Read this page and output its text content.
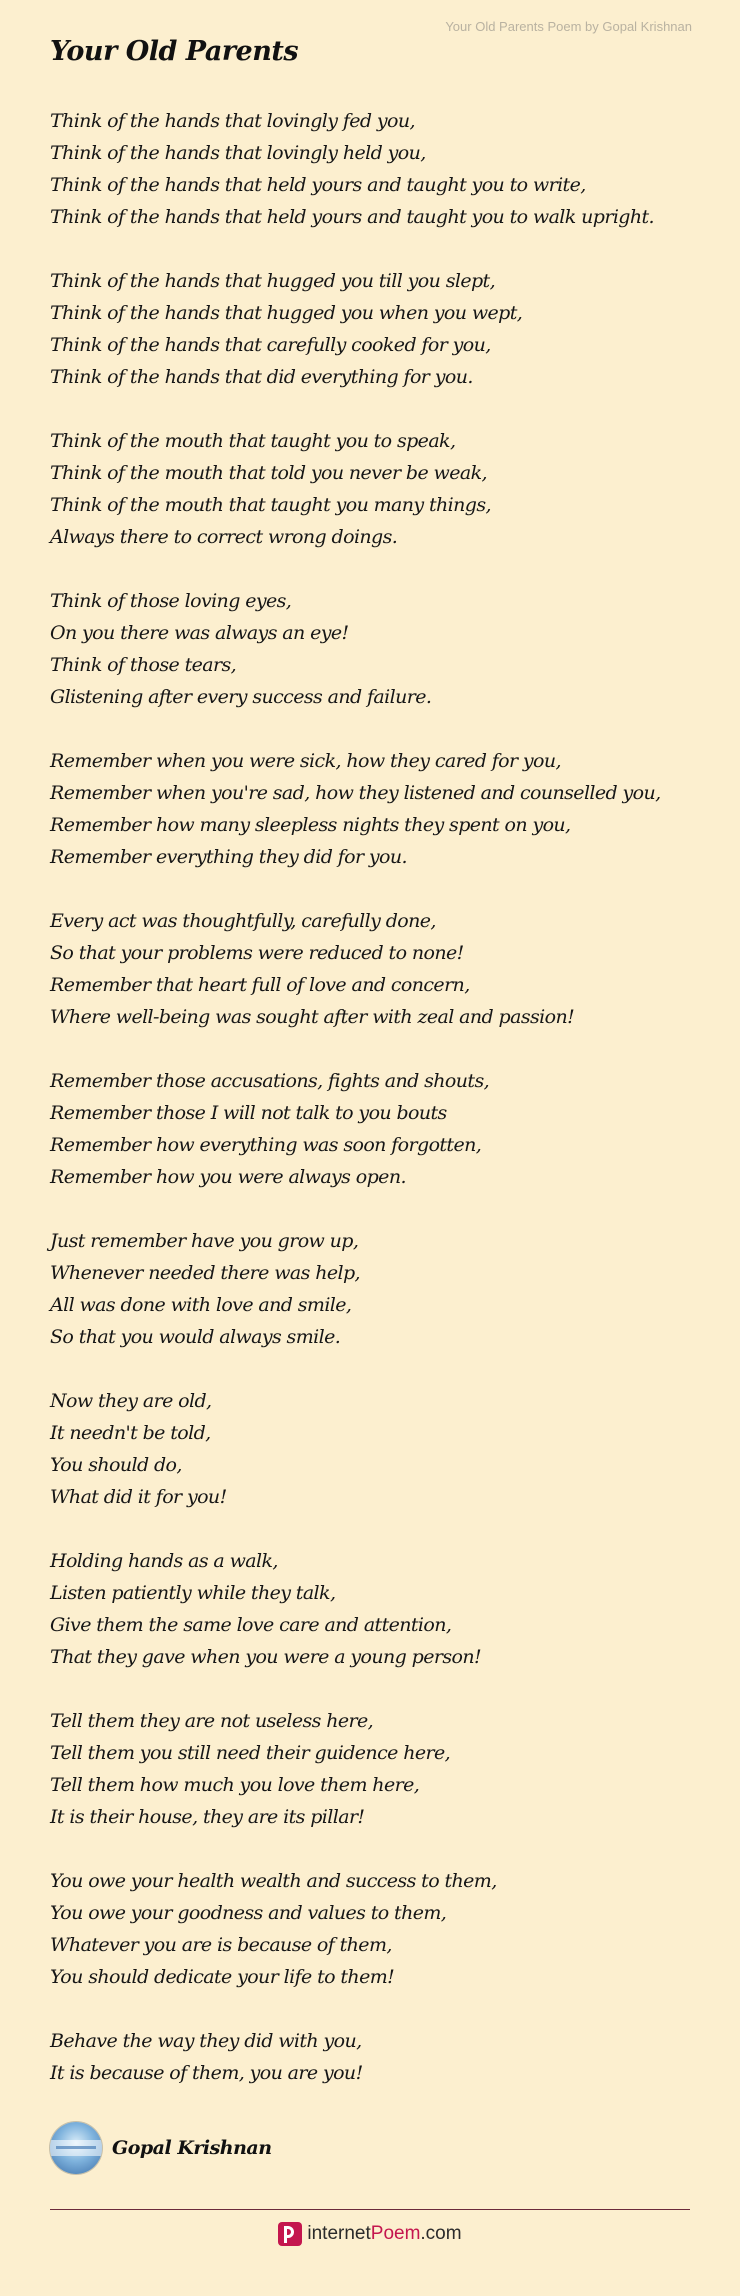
Your Old Parents Poem by Gopal Krishnan
Your Old Parents
Think of the hands that lovingly fed you,
Think of the hands that lovingly held you,
Think of the hands that held yours and taught you to write,
Think of the hands that held yours and taught you to walk upright.
Think of the hands that hugged you till you slept,
Think of the hands that hugged you when you wept,
Think of the hands that carefully cooked for you,
Think of the hands that did everything for you.
Think of the mouth that taught you to speak,
Think of the mouth that told you never be weak,
Think of the mouth that taught you many things,
Always there to correct wrong doings.
Think of those loving eyes,
On you there was always an eye!
Think of those tears,
Glistening after every success and failure.
Remember when you were sick, how they cared for you,
Remember when you're sad, how they listened and counselled you,
Remember how many sleepless nights they spent on you,
Remember everything they did for you.
Every act was thoughtfully, carefully done,
So that your problems were reduced to none!
Remember that heart full of love and concern,
Where well-being was sought after with zeal and passion!
Remember those accusations, fights and shouts,
Remember those I will not talk to you bouts
Remember how everything was soon forgotten,
Remember how you were always open.
Just remember have you grow up,
Whenever needed there was help,
All was done with love and smile,
So that you would always smile.
Now they are old,
It needn't be told,
You should do,
What did it for you!
Holding hands as a walk,
Listen patiently while they talk,
Give them the same love care and attention,
That they gave when you were a young person!
Tell them they are not useless here,
Tell them you still need their guidence here,
Tell them how much you love them here,
It is their house, they are its pillar!
You owe your health wealth and success to them,
You owe your goodness and values to them,
Whatever you are is because of them,
You should dedicate your life to them!
Behave the way they did with you,
It is because of them, you are you!
Gopal Krishnan
internetPoem.com
